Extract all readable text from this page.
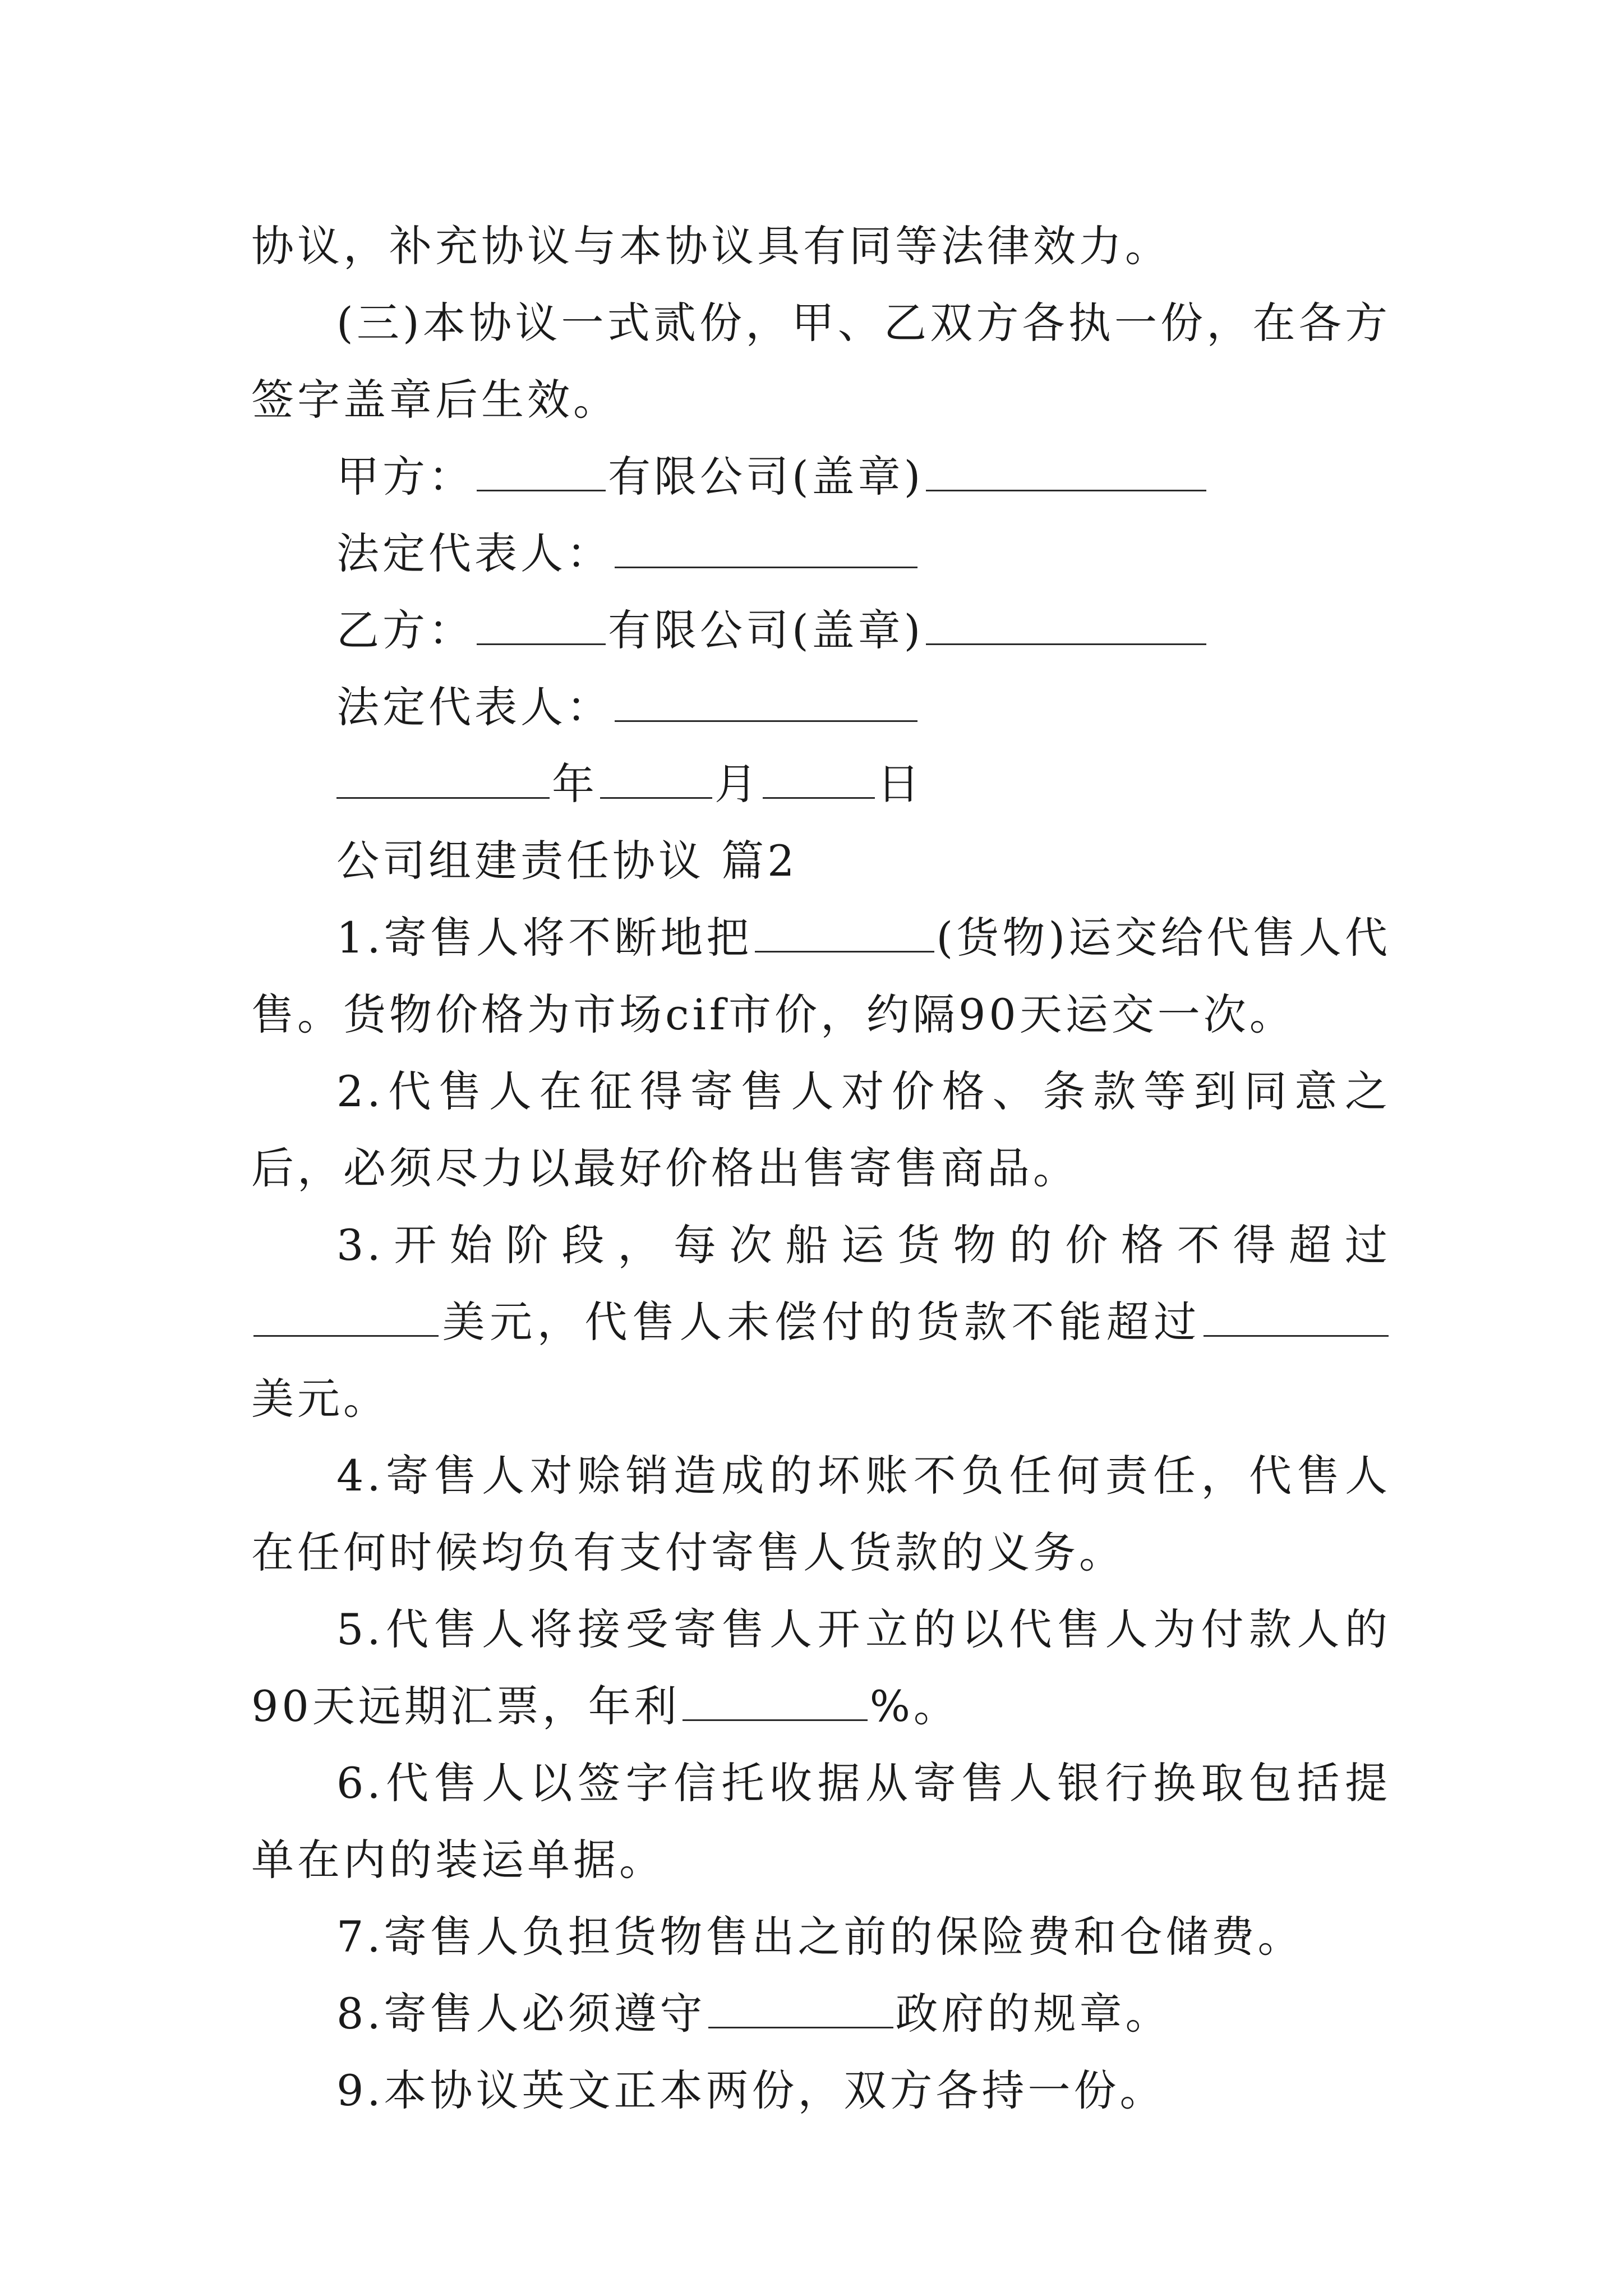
协议，补充协议与本协议具有同等法律效力。

(三)本协议一式贰份，甲、乙双方各执一份，在各方签字盖章后生效。

甲方：	有限公司(盖章)

法定代表人：

乙方：	有限公司(盖章)

法定代表人：

年	月	日

公司组建责任协议 篇2

1.寄售人将不断地把	(货物)运交给代售人代售。货物价格为市场cif市价，约隔90天运交一次。

2.代售人在征得寄售人对价格、条款等到同意之后，必须尽力以最好价格出售寄售商品。

3.开始阶段，每次船运货物的价格不得超过美元，代售人未偿付的货款不能超过美元。

4.寄售人对赊销造成的坏账不负任何责任，代售人在任何时候均负有支付寄售人货款的义务。

5.代售人将接受寄售人开立的以代售人为付款人的90天远期汇票，年利	%。

6.代售人以签字信托收据从寄售人银行换取包括提单在内的装运单据。

7.寄售人负担货物售出之前的保险费和仓储费。

8.寄售人必须遵守	政府的规章。

9.本协议英文正本两份，双方各持一份。
